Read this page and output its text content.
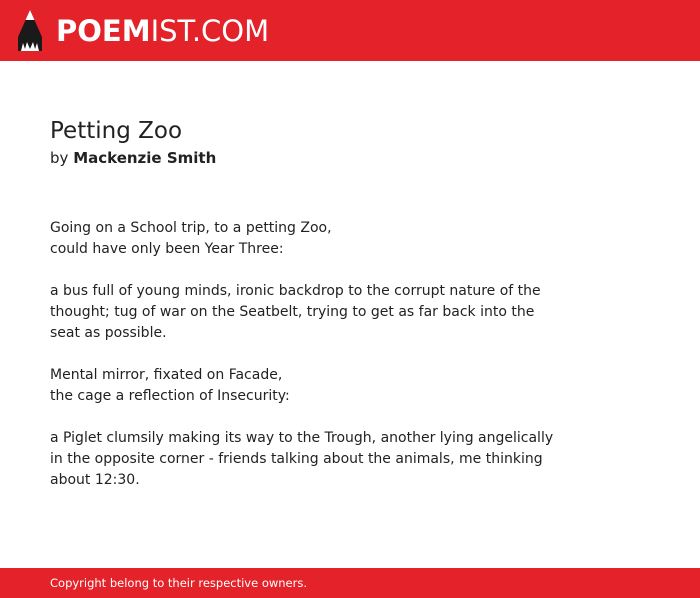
POEMIST.COM
Petting Zoo

by Mackenzie Smith

Going on a School trip, to a petting Zoo,
could have only been Year Three:

a bus full of young minds, ironic backdrop to the corrupt nature of the
thought; tug of war on the Seatbelt, trying to get as far back into the
seat as possible.

Mental mirror, fixated on Facade,
the cage a reflection of Insecurity:

a Piglet clumsily making its way to the Trough, another lying angelically
in the opposite corner - friends talking about the animals, me thinking
about 12:30.

Copyright belong to their respective owners.
